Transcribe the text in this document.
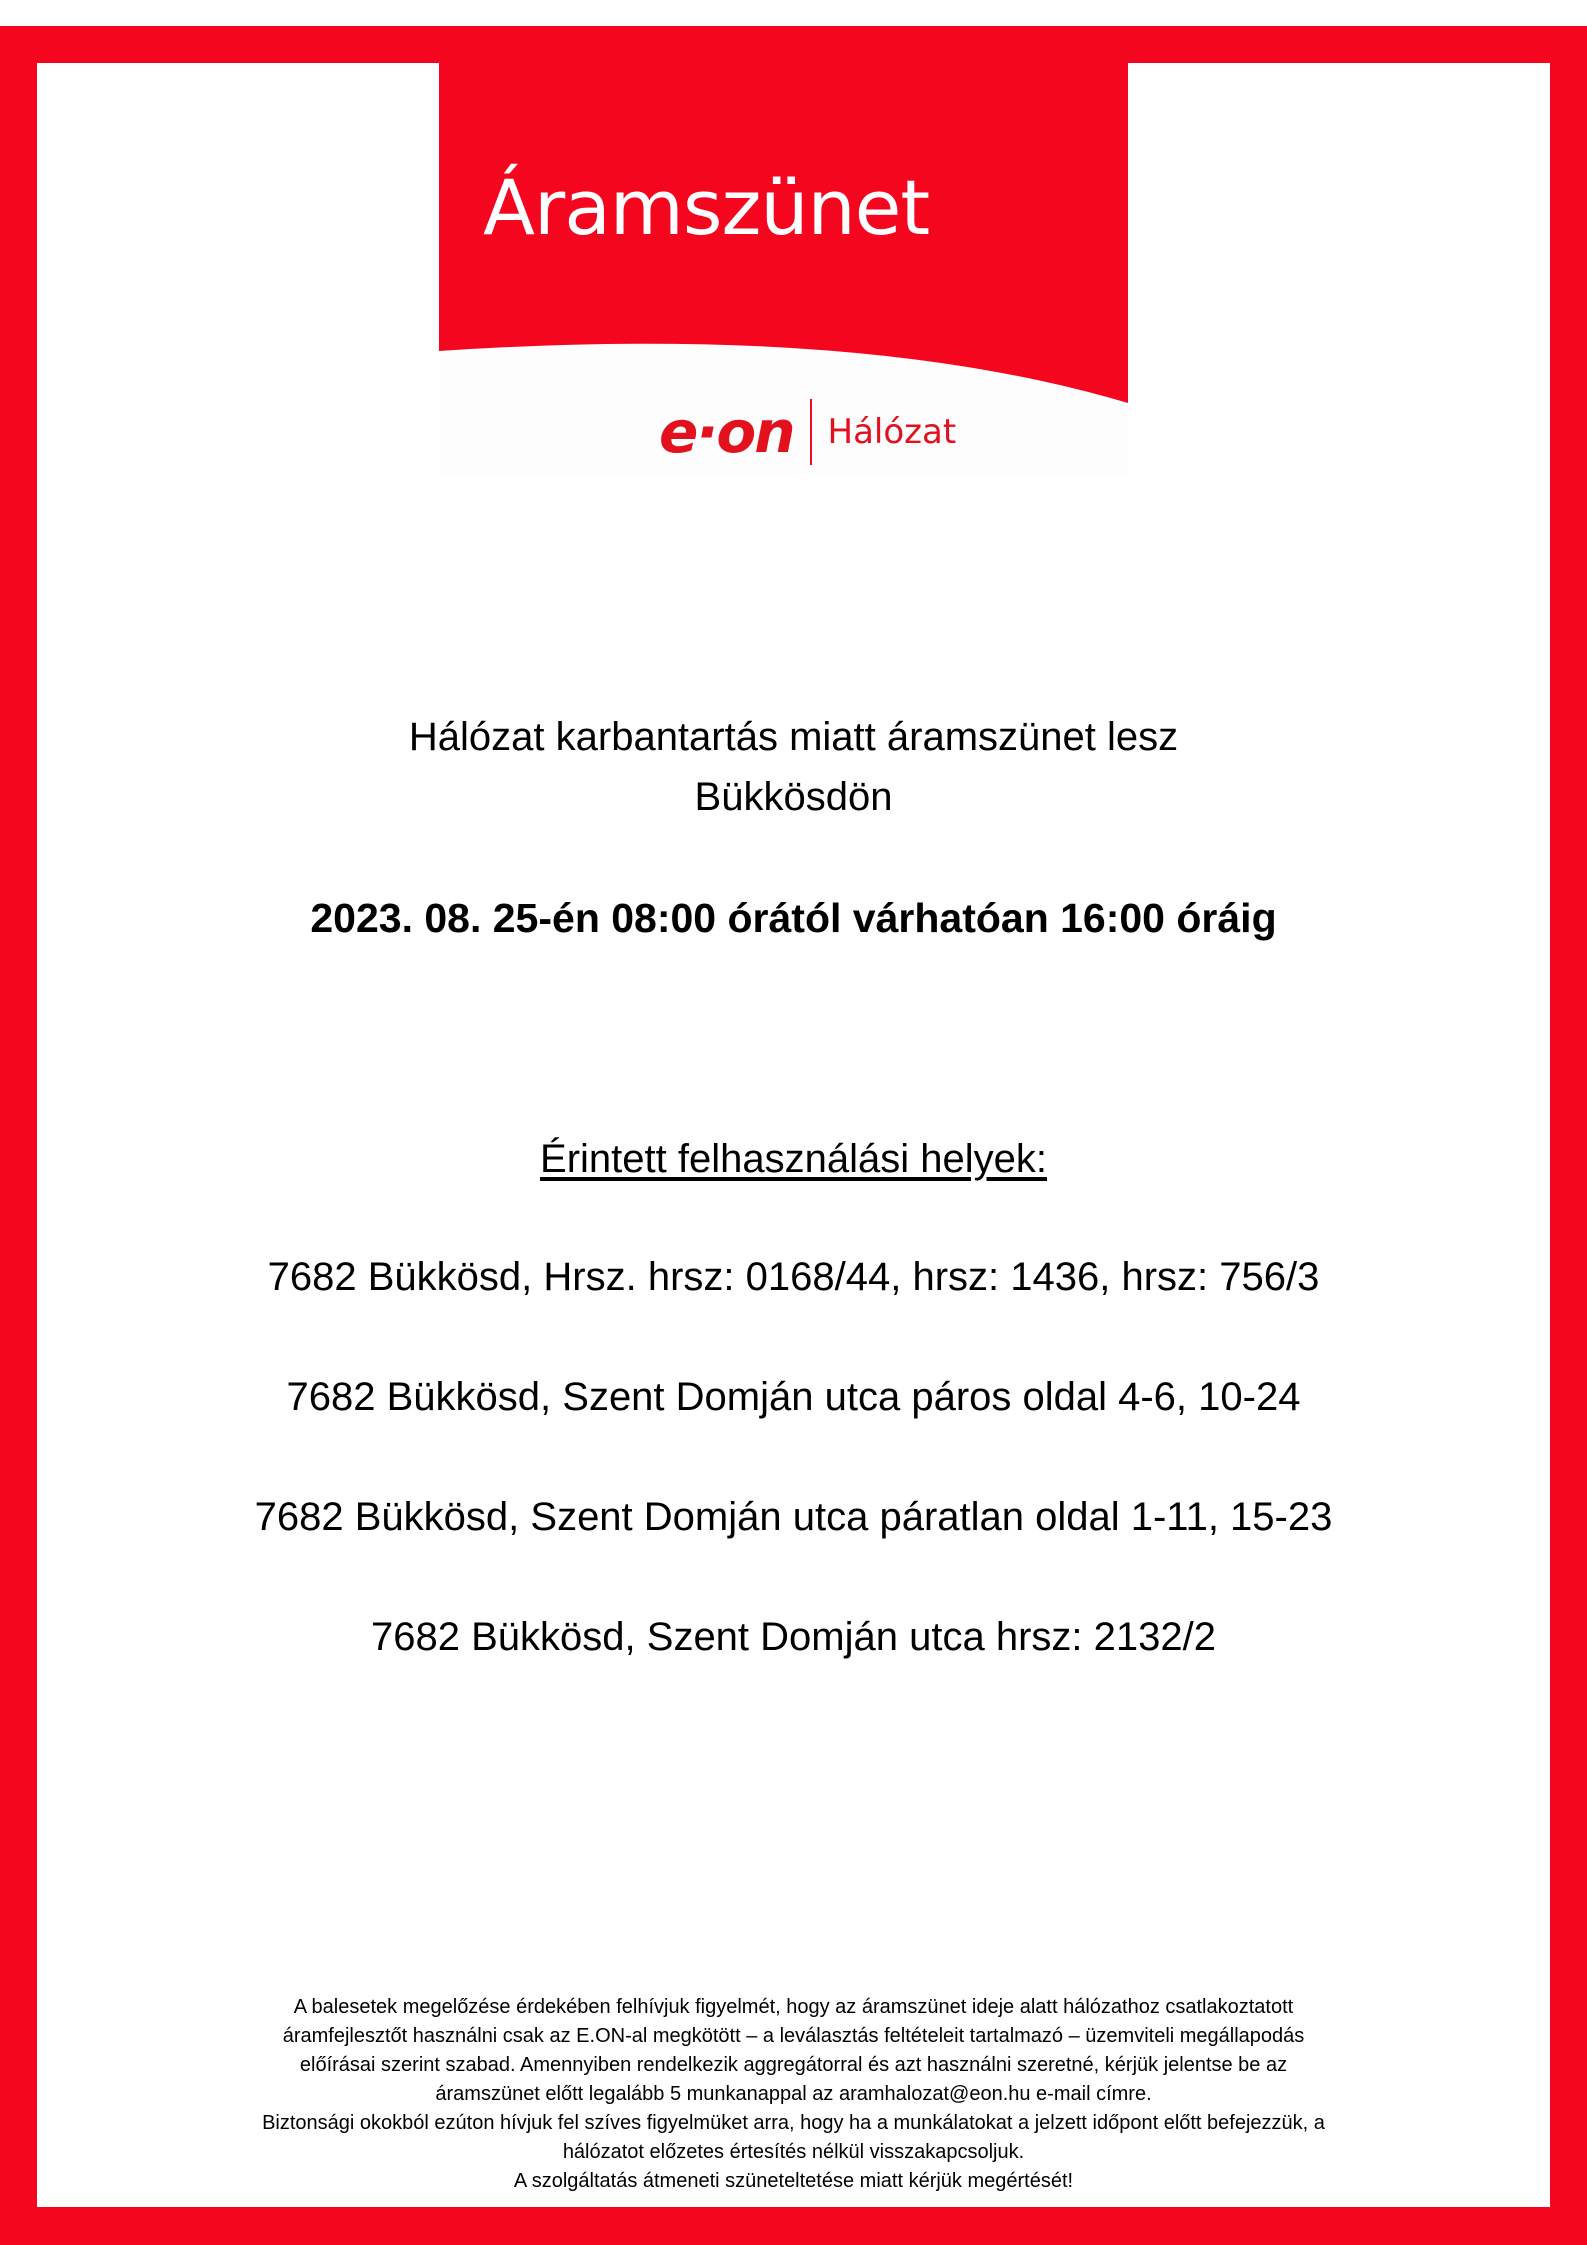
Áramszünet
e·on Hálózat
Hálózat karbantartás miatt áramszünet lesz
Bükkösdön
2023. 08. 25-én 08:00 órától várhatóan 16:00 óráig
Érintett felhasználási helyek:
7682 Bükkösd, Hrsz. hrsz: 0168/44, hrsz: 1436, hrsz: 756/3
7682 Bükkösd, Szent Domján utca páros oldal 4-6, 10-24
7682 Bükkösd, Szent Domján utca páratlan oldal 1-11, 15-23
7682 Bükkösd, Szent Domján utca hrsz: 2132/2
A balesetek megelőzése érdekében felhívjuk figyelmét, hogy az áramszünet ideje alatt hálózathoz csatlakoztatott
áramfejlesztőt használni csak az E.ON-al megkötött – a leválasztás feltételeit tartalmazó – üzemviteli megállapodás
előírásai szerint szabad. Amennyiben rendelkezik aggregátorral és azt használni szeretné, kérjük jelentse be az
áramszünet előtt legalább 5 munkanappal az aramhalozat@eon.hu e-mail címre.
Biztonsági okokból ezúton hívjuk fel szíves figyelmüket arra, hogy ha a munkálatokat a jelzett időpont előtt befejezzük, a
hálózatot előzetes értesítés nélkül visszakapcsoljuk.
A szolgáltatás átmeneti szüneteltetése miatt kérjük megértését!
